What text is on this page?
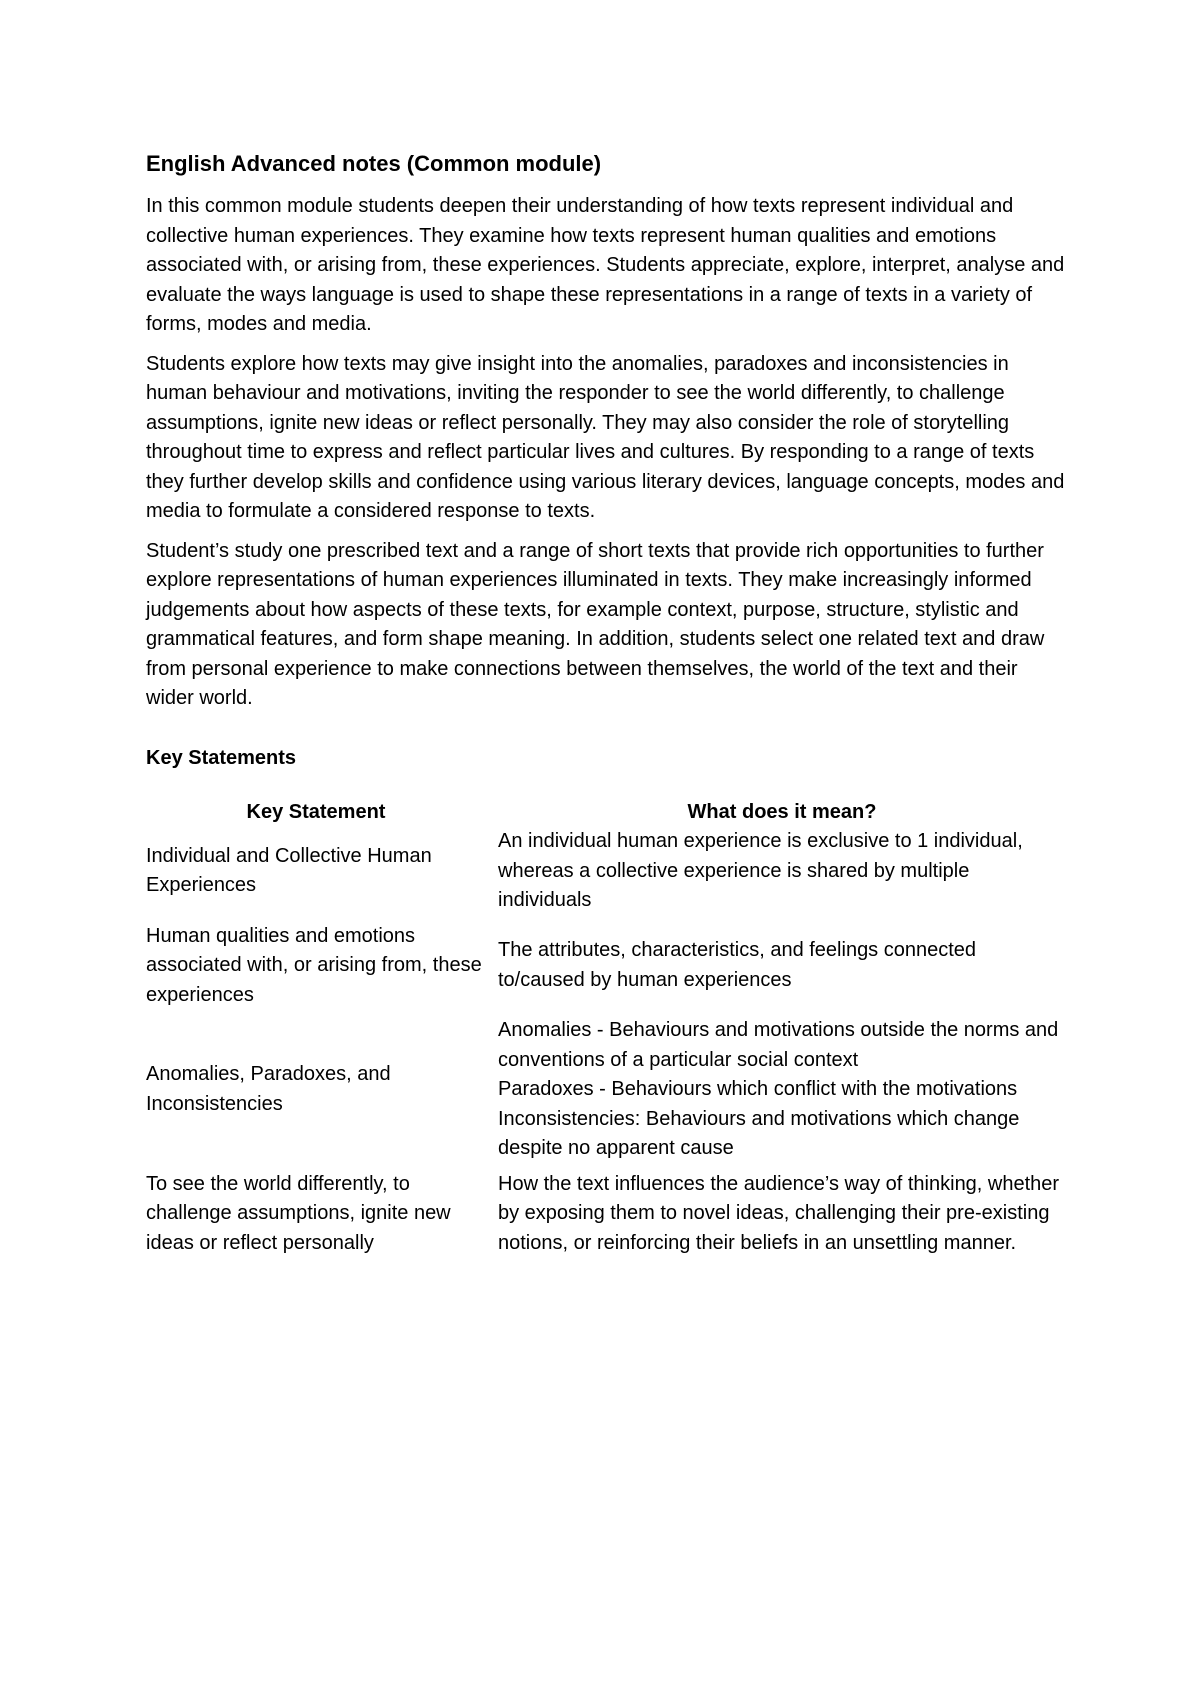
English Advanced notes (Common module)

In this common module students deepen their understanding of how texts represent individual and collective human experiences. They examine how texts represent human qualities and emotions associated with, or arising from, these experiences. Students appreciate, explore, interpret, analyse and evaluate the ways language is used to shape these representations in a range of texts in a variety of forms, modes and media.

Students explore how texts may give insight into the anomalies, paradoxes and inconsistencies in human behaviour and motivations, inviting the responder to see the world differently, to challenge assumptions, ignite new ideas or reflect personally. They may also consider the role of storytelling throughout time to express and reflect particular lives and cultures. By responding to a range of texts they further develop skills and confidence using various literary devices, language concepts, modes and media to formulate a considered response to texts.

Student’s study one prescribed text and a range of short texts that provide rich opportunities to further explore representations of human experiences illuminated in texts. They make increasingly informed judgements about how aspects of these texts, for example context, purpose, structure, stylistic and grammatical features, and form shape meaning. In addition, students select one related text and draw from personal experience to make connections between themselves, the world of the text and their wider world.

Key Statements
Key Statement	What does it mean?
Individual and Collective Human Experiences	An individual human experience is exclusive to 1 individual, whereas a collective experience is shared by multiple individuals

Human qualities and emotions associated with, or arising from, these experiences	The attributes, characteristics, and feelings connected to/caused by human experiences

Anomalies, Paradoxes, and Inconsistencies	Anomalies - Behaviours and motivations outside the norms and conventions of a particular social context
Paradoxes - Behaviours which conflict with the motivations
Inconsistencies: Behaviours and motivations which change despite no apparent cause

To see the world differently, to challenge assumptions, ignite new ideas or reflect personally	How the text influences the audience’s way of thinking, whether by exposing them to novel ideas, challenging their pre-existing notions, or reinforcing their beliefs in an unsettling manner.
